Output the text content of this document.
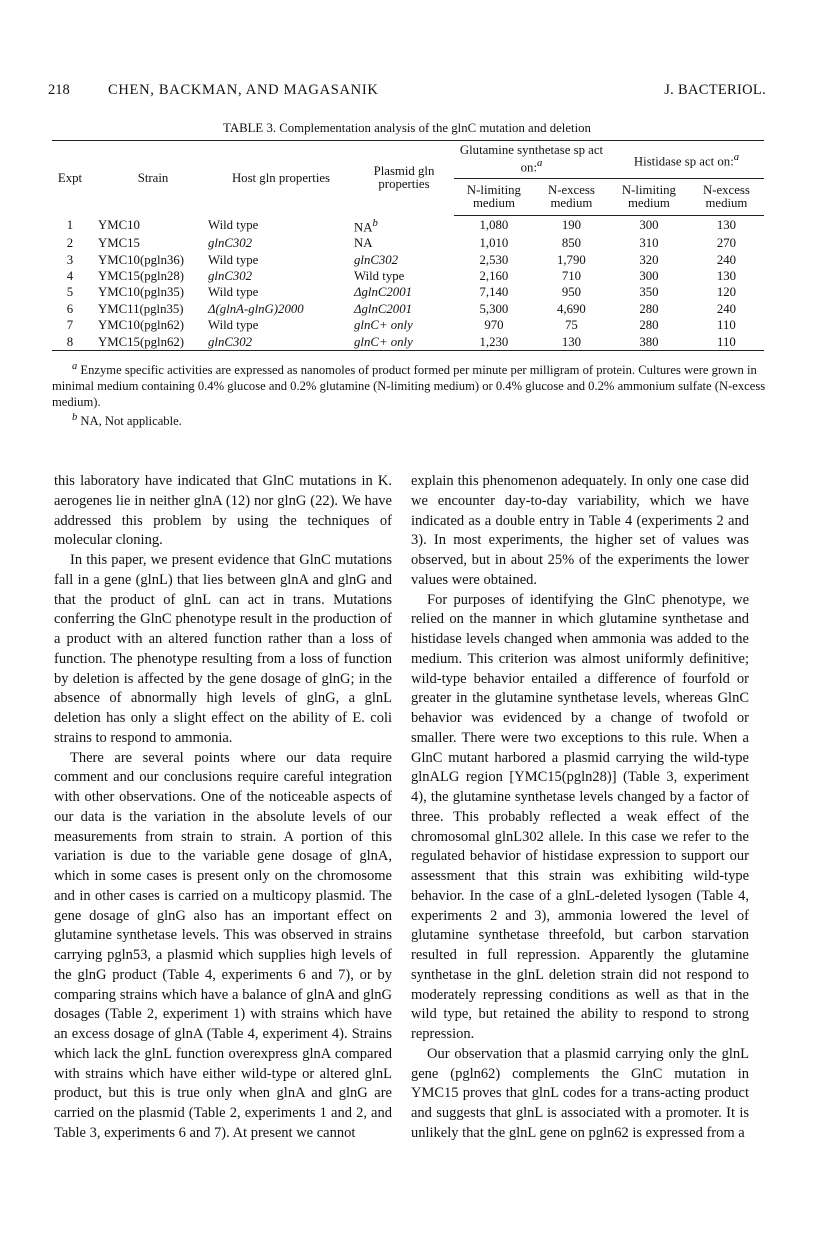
218	CHEN, BACKMAN, AND MAGASANIK	J. BACTERIOL.
TABLE 3. Complementation analysis of the glnC mutation and deletion
Expt	Strain	Host gln properties	Plasmid gln properties	Glutamine synthetase sp act on:$^a$		Histidase sp act on:$^a$
				N-limiting medium	N-excess medium	N-limiting medium	N-excess medium
1	YMC10	Wild type	$NA^b$	1,080	190	300	130
2	YMC15	glnC302	NA	1,010	850	310	270
3	YMC10(pgln36)	Wild type	glnC302	2,530	1,790	320	240
4	YMC15(pgln28)	glnC302	Wild type	2,160	710	300	130
5	YMC10(pgln35)	Wild type	ΔglnC2001	7,140	950	350	120
6	YMC11(pgln35)	Δ(glnA-glnG)2000	ΔglnC2001	5,300	4,690	280	240
7	YMC10(pgln62)	Wild type	glnC+ only	970	75	280	110
8	YMC15(pgln62)	glnC302	glnC+ only	1,230	130	380	110

$^a$ Enzyme specific activities are expressed as nanomoles of product formed per minute per milligram of protein. Cultures were grown in minimal medium containing 0.4% glucose and 0.2% glutamine (N-limiting medium) or 0.4% glucose and 0.2% ammonium sulfate (N-excess medium).

$^b$ NA, Not applicable.

this laboratory have indicated that GlnC mutations in K. aerogenes lie in neither glnA (12) nor glnG (22). We have addressed this problem by using the techniques of molecular cloning.

In this paper, we present evidence that GlnC mutations fall in a gene (glnL) that lies between glnA and glnG and that the product of glnL can act in trans. Mutations conferring the GlnC phenotype result in the production of a product with an altered function rather than a loss of function. The phenotype resulting from a loss of function by deletion is affected by the gene dosage of glnG; in the absence of abnormally high levels of glnG, a glnL deletion has only a slight effect on the ability of E. coli strains to respond to ammonia.

There are several points where our data require comment and our conclusions require careful integration with other observations. One of the noticeable aspects of our data is the variation in the absolute levels of our measurements from strain to strain. A portion of this variation is due to the variable gene dosage of glnA, which in some cases is present only on the chromosome and in other cases is carried on a multicopy plasmid. The gene dosage of glnG also has an important effect on glutamine synthetase levels. This was observed in strains carrying pgln53, a plasmid which supplies high levels of the glnG product (Table 4, experiments 6 and 7), or by comparing strains which have a balance of glnA and glnG dosages (Table 2, experiment 1) with strains which have an excess dosage of glnA (Table 4, experiment 4). Strains which lack the glnL function overexpress glnA compared with strains which have either wild-type or altered glnL product, but this is true only when glnA and glnG are carried on the plasmid (Table 2, experiments 1 and 2, and Table 3, experiments 6 and 7). At present we cannot

explain this phenomenon adequately. In only one case did we encounter day-to-day variability, which we have indicated as a double entry in Table 4 (experiments 2 and 3). In most experiments, the higher set of values was observed, but in about 25% of the experiments the lower values were obtained.

For purposes of identifying the GlnC phenotype, we relied on the manner in which glutamine synthetase and histidase levels changed when ammonia was added to the medium. This criterion was almost uniformly definitive; wild-type behavior entailed a difference of fourfold or greater in the glutamine synthetase levels, whereas GlnC behavior was evidenced by a change of twofold or smaller. There were two exceptions to this rule. When a GlnC mutant harbored a plasmid carrying the wild-type glnALG region [YMC15(pgln28)] (Table 3, experiment 4), the glutamine synthetase levels changed by a factor of three. This probably reflected a weak effect of the chromosomal glnL302 allele. In this case we refer to the regulated behavior of histidase expression to support our assessment that this strain was exhibiting wild-type behavior. In the case of a glnL-deleted lysogen (Table 4, experiments 2 and 3), ammonia lowered the level of glutamine synthetase threefold, but carbon starvation resulted in full repression. Apparently the glutamine synthetase in the glnL deletion strain did not respond to moderately repressing conditions as well as that in the wild type, but retained the ability to respond to strong repression.

Our observation that a plasmid carrying only the glnL gene (pgln62) complements the GlnC mutation in YMC15 proves that glnL codes for a trans-acting product and suggests that glnL is associated with a promoter. It is unlikely that the glnL gene on pgln62 is expressed from a
